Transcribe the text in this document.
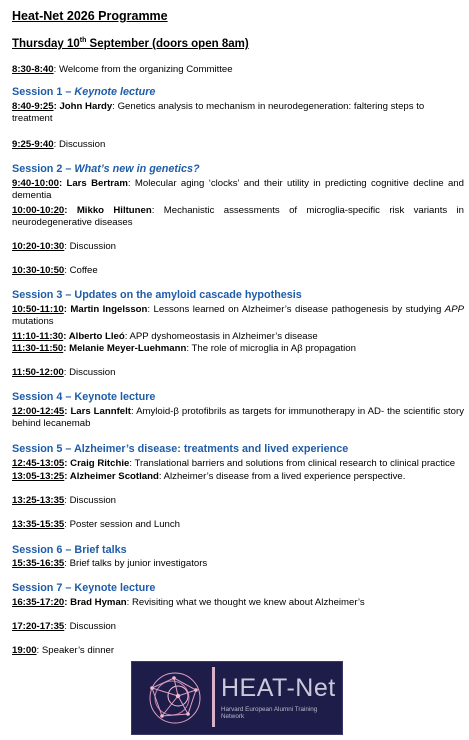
Heat-Net 2026 Programme
Thursday 10th September (doors open 8am)
8:30-8:40: Welcome from the organizing Committee
Session 1 – Keynote lecture
8:40-9:25: John Hardy: Genetics analysis to mechanism in neurodegeneration: faltering steps to treatment
9:25-9:40: Discussion
Session 2 – What’s new in genetics?
9:40-10:00: Lars Bertram: Molecular aging ‘clocks’ and their utility in predicting cognitive decline and dementia
10:00-10:20: Mikko Hiltunen: Mechanistic assessments of microglia-specific risk variants in neurodegenerative diseases
10:20-10:30: Discussion
10:30-10:50: Coffee
Session 3 – Updates on the amyloid cascade hypothesis
10:50-11:10: Martin Ingelsson: Lessons learned on Alzheimer’s disease pathogenesis by studying APP mutations
11:10-11:30: Alberto Lleó: APP dyshomeostasis in Alzheimer’s disease
11:30-11:50: Melanie Meyer-Luehmann: The role of microglia in Aβ propagation
11:50-12:00: Discussion
Session 4 – Keynote lecture
12:00-12:45: Lars Lannfelt: Amyloid-β protofibrils as targets for immunotherapy in AD- the scientific story behind lecanemab
Session 5 – Alzheimer’s disease: treatments and lived experience
12:45-13:05: Craig Ritchie: Translational barriers and solutions from clinical research to clinical practice
13:05-13:25: Alzheimer Scotland: Alzheimer’s disease from a lived experience perspective.
13:25-13:35: Discussion
13:35-15:35: Poster session and Lunch
Session 6 – Brief talks
15:35-16:35: Brief talks by junior investigators
Session 7 – Keynote lecture
16:35-17:20: Brad Hyman: Revisiting what we thought we knew about Alzheimer’s
17:20-17:35: Discussion
19:00: Speaker’s dinner
HEAT-Net
Harvard European Alumni Training Network
